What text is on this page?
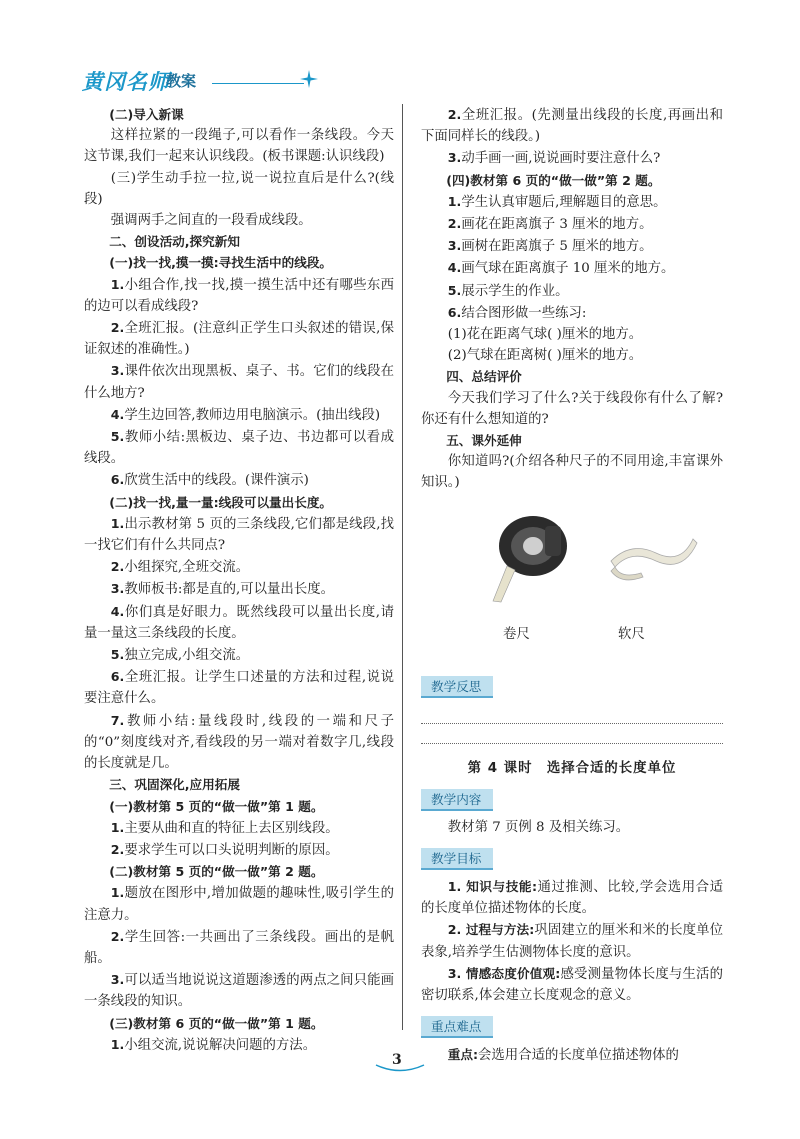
黄冈名师
教案
(二)导入新课
这样拉紧的一段绳子,可以看作一条线段。今天这节课,我们一起来认识线段。(板书课题:认识线段)
(三)学生动手拉一拉,说一说拉直后是什么?(线段)
强调两手之间直的一段看成线段。
二、创设活动,探究新知
(一)找一找,摸一摸:寻找生活中的线段。
1.小组合作,找一找,摸一摸生活中还有哪些东西的边可以看成线段?
2.全班汇报。(注意纠正学生口头叙述的错误,保证叙述的准确性。)
3.课件依次出现黑板、桌子、书。它们的线段在什么地方?
4.学生边回答,教师边用电脑演示。(抽出线段)
5.教师小结:黑板边、桌子边、书边都可以看成线段。
6.欣赏生活中的线段。(课件演示)
(二)找一找,量一量:线段可以量出长度。
1.出示教材第 5 页的三条线段,它们都是线段,找一找它们有什么共同点?
2.小组探究,全班交流。
3.教师板书:都是直的,可以量出长度。
4.你们真是好眼力。既然线段可以量出长度,请量一量这三条线段的长度。
5.独立完成,小组交流。
6.全班汇报。让学生口述量的方法和过程,说说要注意什么。
7.教师小结:量线段时,线段的一端和尺子的“0”刻度线对齐,看线段的另一端对着数字几,线段的长度就是几。
三、巩固深化,应用拓展
(一)教材第 5 页的“做一做”第 1 题。
1.主要从曲和直的特征上去区别线段。
2.要求学生可以口头说明判断的原因。
(二)教材第 5 页的“做一做”第 2 题。
1.题放在图形中,增加做题的趣味性,吸引学生的注意力。
2.学生回答:一共画出了三条线段。画出的是帆船。
3.可以适当地说说这道题渗透的两点之间只能画一条线段的知识。
(三)教材第 6 页的“做一做”第 1 题。
1.小组交流,说说解决问题的方法。
2.全班汇报。(先测量出线段的长度,再画出和下面同样长的线段。)
3.动手画一画,说说画时要注意什么?
(四)教材第 6 页的“做一做”第 2 题。
1.学生认真审题后,理解题目的意思。
2.画花在距离旗子 3 厘米的地方。
3.画树在距离旗子 5 厘米的地方。
4.画气球在距离旗子 10 厘米的地方。
5.展示学生的作业。
6.结合图形做一些练习:
(1)花在距离气球( )厘米的地方。
(2)气球在距离树( )厘米的地方。
四、总结评价
今天我们学习了什么?关于线段你有什么了解?你还有什么想知道的?
五、课外延伸
你知道吗?(介绍各种尺子的不同用途,丰富课外知识。)
卷尺	软尺
教学反思
第 4 课时　选择合适的长度单位
教学内容
教材第 7 页例 8 及相关练习。
教学目标
1. 知识与技能:通过推测、比较,学会选用合适的长度单位描述物体的长度。
2. 过程与方法:巩固建立的厘米和米的长度单位表象,培养学生估测物体长度的意识。
3. 情感态度价值观:感受测量物体长度与生活的密切联系,体会建立长度观念的意义。
重点难点
重点:会选用合适的长度单位描述物体的
3
